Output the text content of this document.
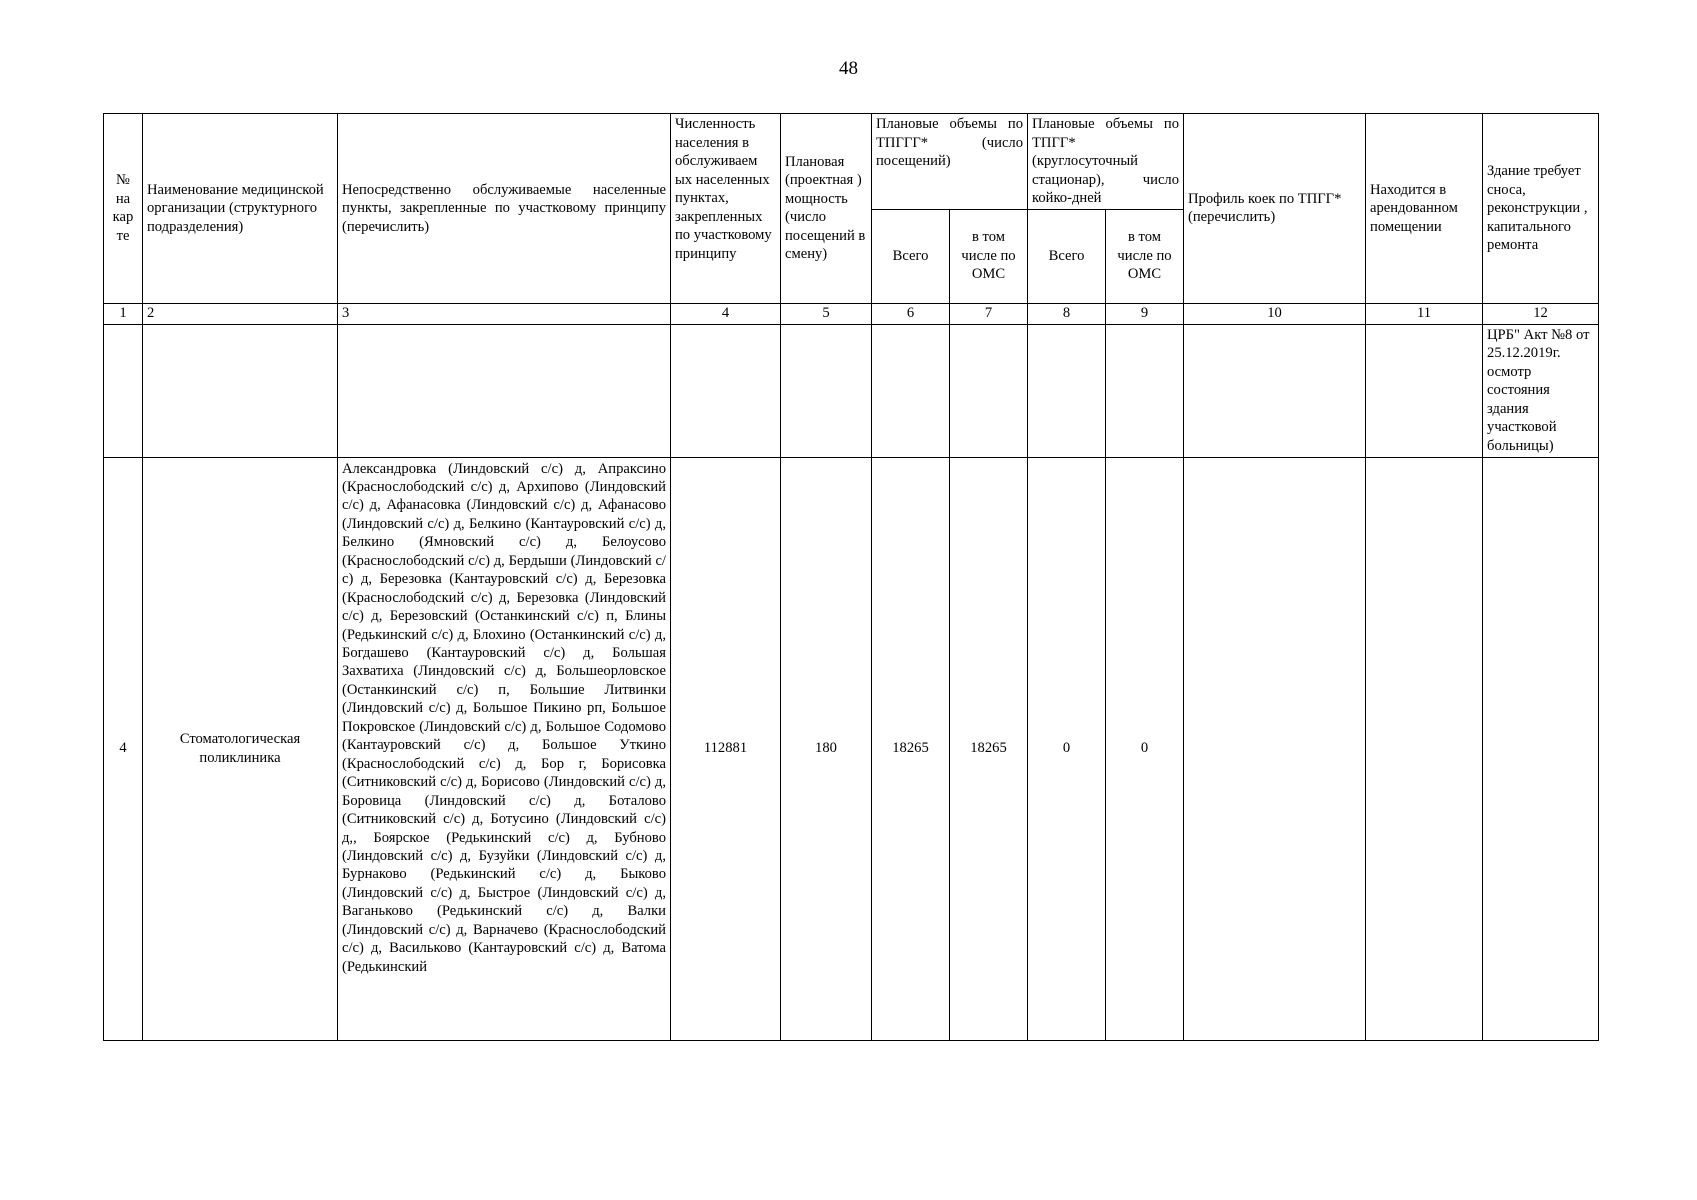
48
№ на кар те	Наименование медицинской организации (структурного подразделения)	Непосредственно обслуживаемые населенные пункты, закрепленные по участковому принципу (перечислить)	Численность населения в обслуживаем ых населенных пунктах, закрепленных по участковому принципу	Плановая (проектная ) мощность (число посещений в смену)	Плановые объемы по ТПГГГ* (число посещений)		Плановые объемы по ТПГГ* (круглосуточный стационар), число койко-дней		Профиль коек по ТПГГ* (перечислить)	Находится в арендованном помещении	Здание требует сноса, реконструкции , капитального ремонта
					Всего	в том числе по ОМС	Всего	в том числе по ОМС			
1	2	3	4	5	6	7	8	9	10	11	12
											ЦРБ" Акт №8 от 25.12.2019г. осмотр состояния здания участковой больницы)
4	Стоматологическая поликлиника	Александровка (Линдовский с/с) д, Апраксино (Краснослободский с/с) д, Архипово (Линдовский с/с) д, Афанасовка (Линдовский с/с) д, Афанасово (Линдовский с/с) д, Белкино (Кантауровский с/с) д, Белкино (Ямновский с/с) д, Белоусово (Краснослободский с/с) д, Бердыши (Линдовский с/с) д, Березовка (Кантауровский с/с) д, Березовка (Краснослободский с/с) д, Березовка (Линдовский с/с) д, Березовский (Останкинский с/с) п, Блины (Редькинский с/с) д, Блохино (Останкинский с/с) д, Богдашево (Кантауровский с/с) д, Большая Захватиха (Линдовский с/с) д, Большеорловское (Останкинский с/с) п, Большие Литвинки (Линдовский с/с) д, Большое Пикино рп, Большое Покровское (Линдовский с/с) д, Большое Содомово (Кантауровский с/с) д, Большое Уткино (Краснослободский с/с) д, Бор г, Борисовка (Ситниковский с/с) д, Борисово (Линдовский с/с) д, Боровица (Линдовский с/с) д, Боталово (Ситниковский с/с) д, Ботусино (Линдовский с/с) д,, Боярское (Редькинский с/с) д, Бубново (Линдовский с/с) д, Бузуйки (Линдовский с/с) д, Бурнаково (Редькинский с/с) д, Быково (Линдовский с/с) д, Быстрое (Линдовский с/с) д, Ваганьково (Редькинский с/с) д, Валки (Линдовский с/с) д, Варначево (Краснослободский с/с) д, Васильково (Кантауровский с/с) д, Ватома (Редькинский	112881	180	18265	18265	0	0			
